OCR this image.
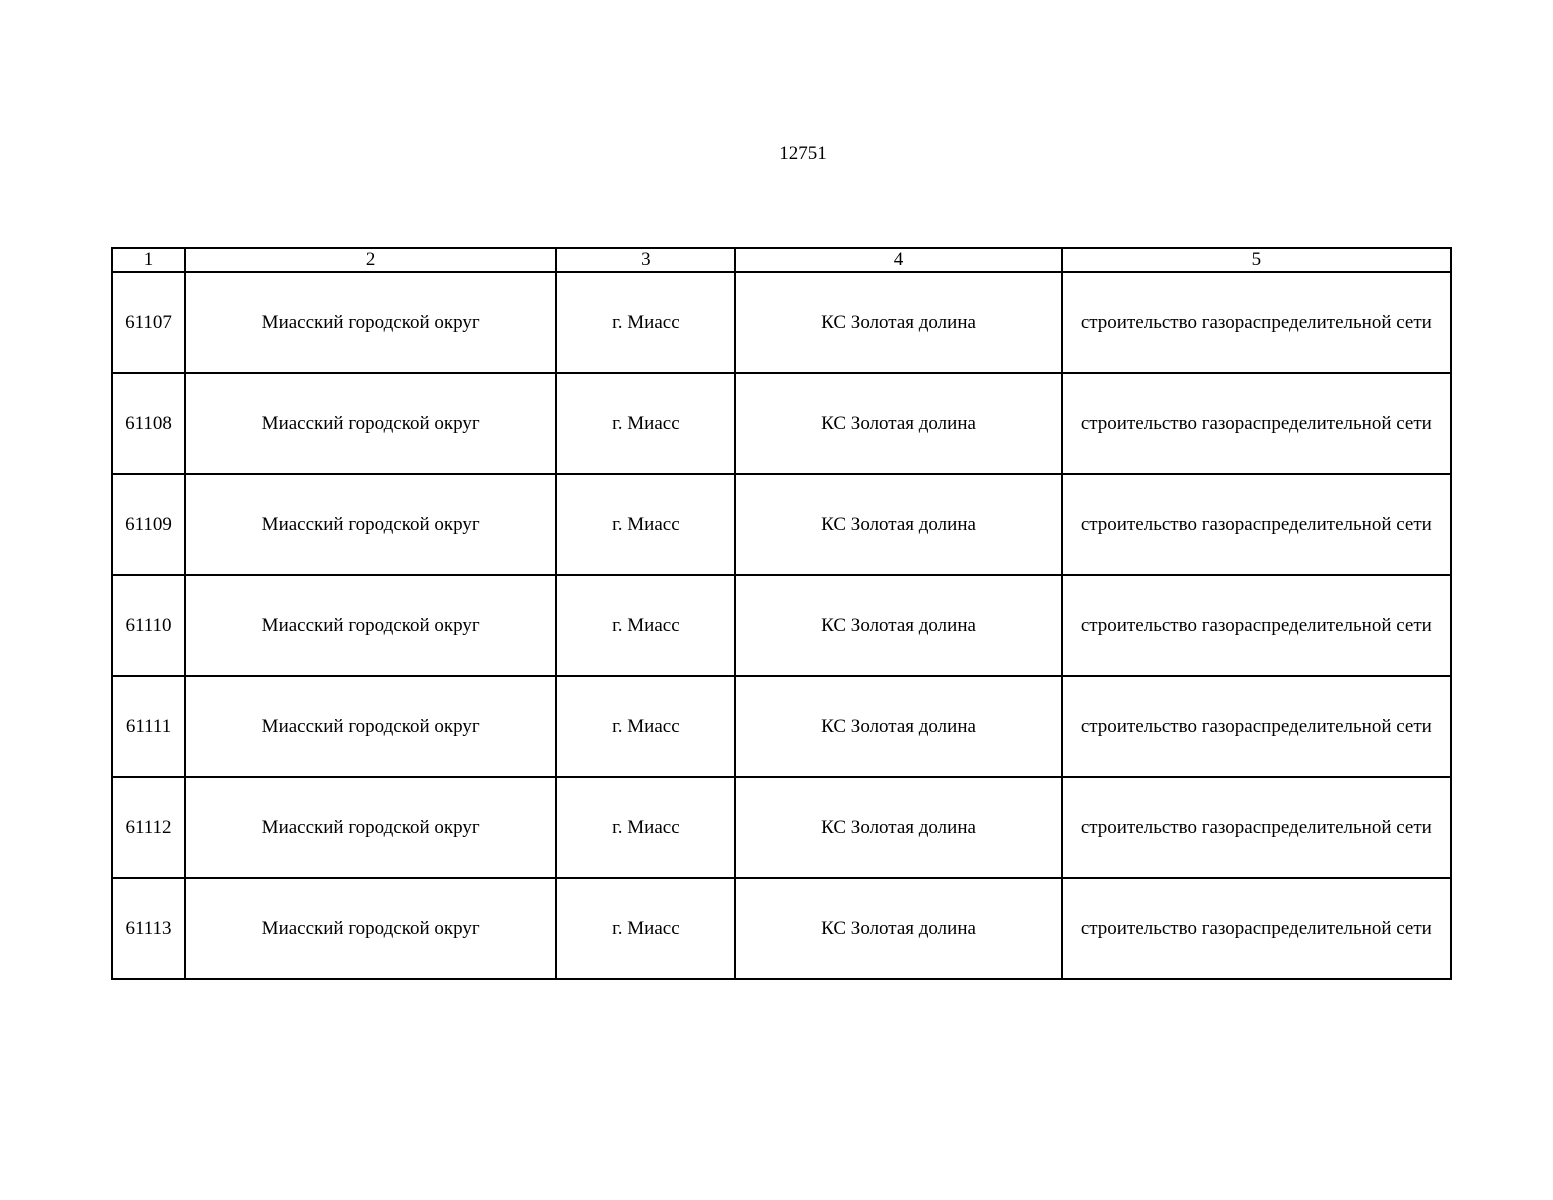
12751
1	2	3	4	5
61107	Миасский городской округ	г. Миасс	КС Золотая долина	строительство газораспределительной сети
61108	Миасский городской округ	г. Миасс	КС Золотая долина	строительство газораспределительной сети
61109	Миасский городской округ	г. Миасс	КС Золотая долина	строительство газораспределительной сети
61110	Миасский городской округ	г. Миасс	КС Золотая долина	строительство газораспределительной сети
61111	Миасский городской округ	г. Миасс	КС Золотая долина	строительство газораспределительной сети
61112	Миасский городской округ	г. Миасс	КС Золотая долина	строительство газораспределительной сети
61113	Миасский городской округ	г. Миасс	КС Золотая долина	строительство газораспределительной сети
